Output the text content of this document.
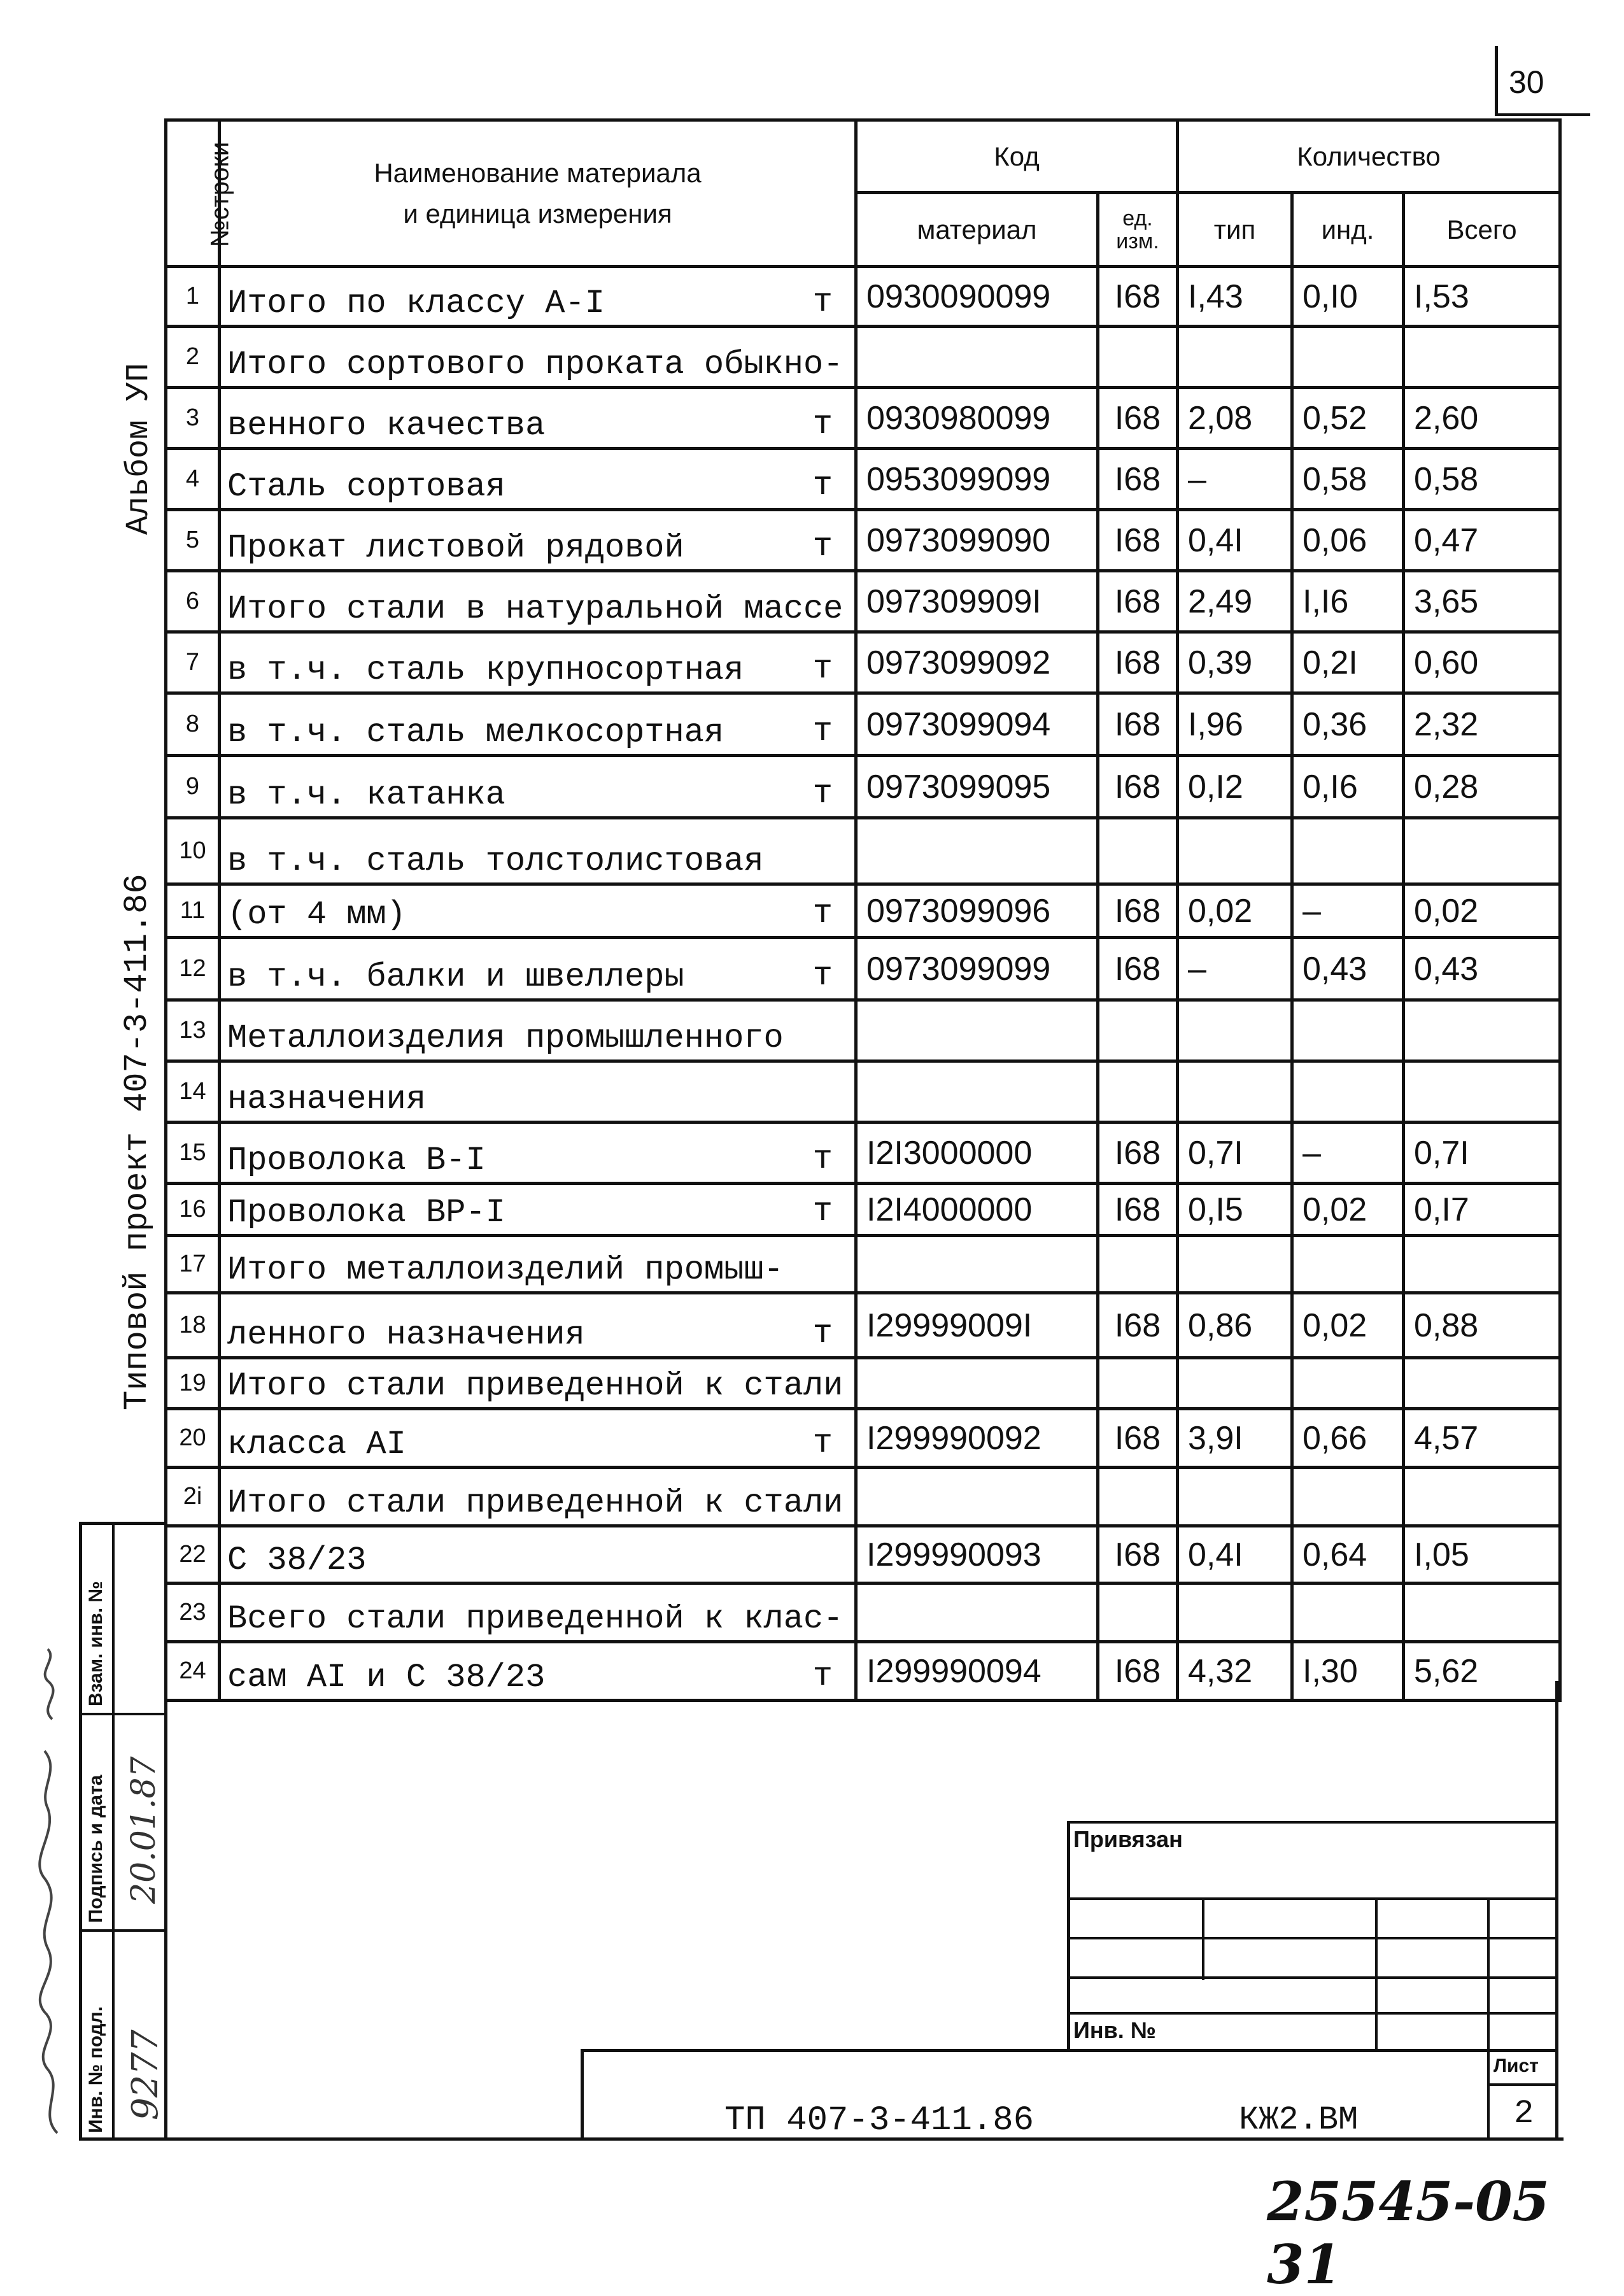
30
Альбом УП
Типовой проект 407-3-411.86
№строки	Наименование материала
и единица измерения	Код		Количество		
		материал	ед. изм.	тип	инд.	Всего
1	Итого по классу А-I т	0930090099	I68	I,43	0,I0	I,53
2	Итого сортового проката обыкно-

3	венного качества т	0930980099	I68	2,08	0,52	2,60
4	Сталь сортовая т	0953099099	I68	–	0,58	0,58
5	Прокат листовой рядовой т	0973099090	I68	0,4I	0,06	0,47
6	Итого стали в натуральной массе	097309909I	I68	2,49	I,I6	3,65
7	в т.ч. сталь крупносортная т	0973099092	I68	0,39	0,2I	0,60
8	в т.ч. сталь мелкосортная т	0973099094	I68	I,96	0,36	2,32
9	в т.ч. катанка т	0973099095	I68	0,I2	0,I6	0,28
10	в т.ч. сталь толстолистовая

11	(от 4 мм) т	0973099096	I68	0,02	–	0,02
12	в т.ч. балки и швеллеры т	0973099099	I68	–	0,43	0,43
13	Металлоизделия промышленного

14	назначения

15	Проволока В-I т	I2I3000000	I68	0,7I	–	0,7I
16	Проволока ВР-I т	I2I4000000	I68	0,I5	0,02	0,I7
17	Итого металлоизделий промыш-

18	ленного назначения т	I29999009I	I68	0,86	0,02	0,88
19	Итого стали приведенной к стали

20	класса АI т	I299990092	I68	3,9I	0,66	4,57
2i	Итого стали приведенной к стали

22	С 38/23	I299990093	I68	0,4I	0,64	I,05
23	Всего стали приведенной к клас-

24	сам АI и С 38/23 т	I299990094	I68	4,32	I,30	5,62
Взам. инв. №
Подпись и дата
Инв. № подл.
20.01.87
9277
Привязан
Инв. №
Лист
ТП 407-3-411.86	КЖ2.ВМ	2
25545-05 31
